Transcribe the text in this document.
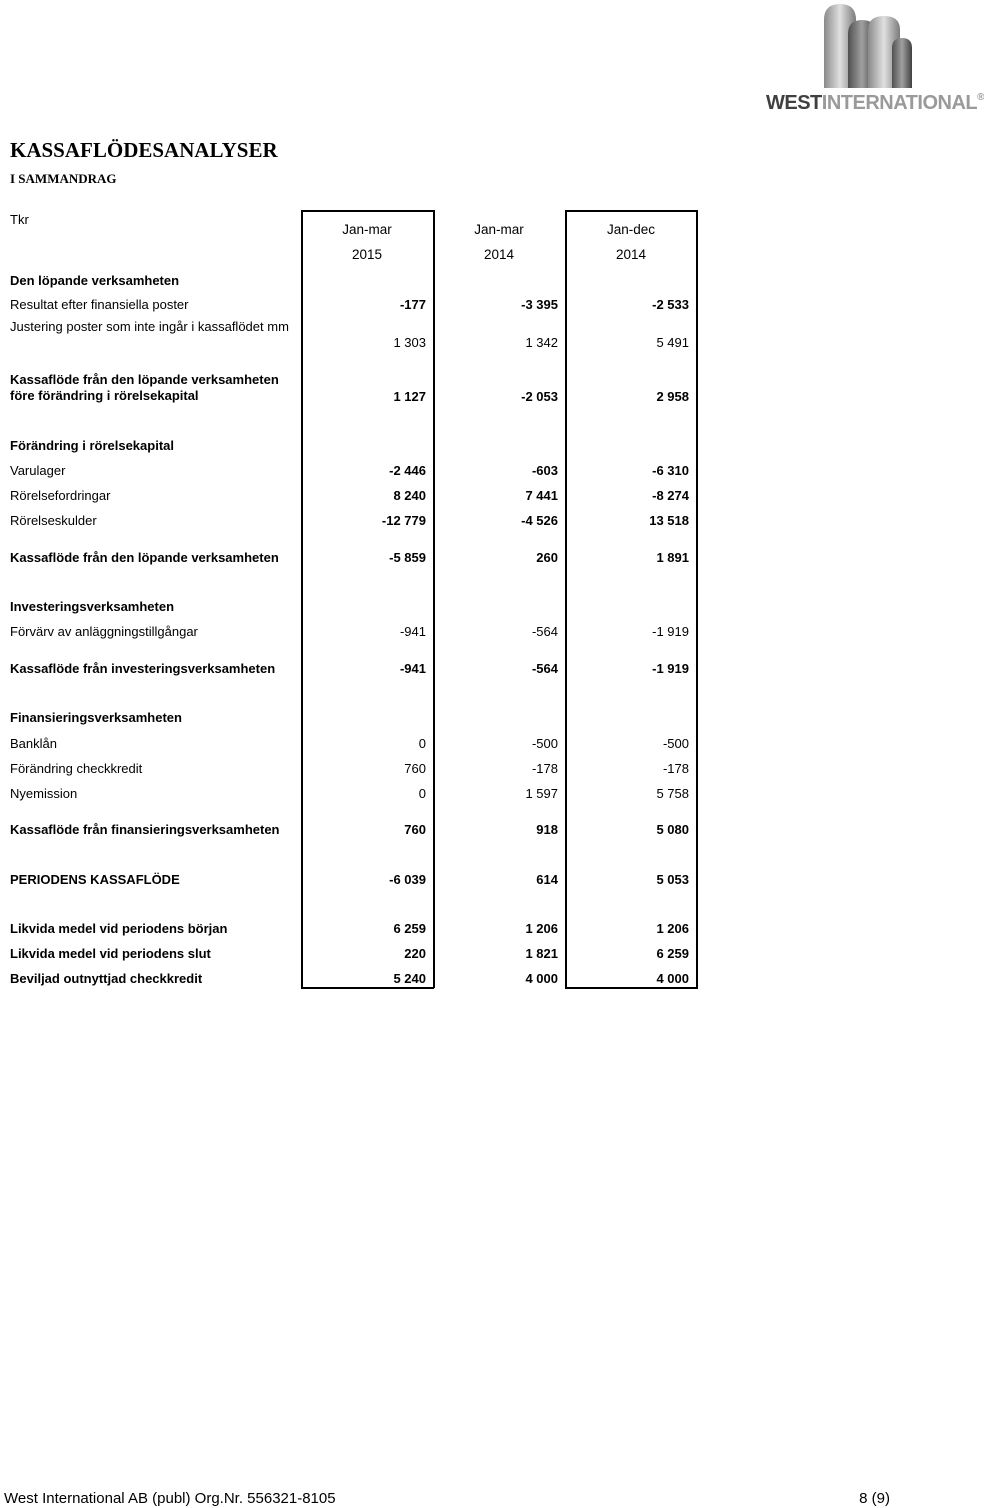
WESTINTERNATIONAL®
KASSAFLÖDESANALYSER
I SAMMANDRAG
Tkr
Jan-mar	Jan-mar	Jan-dec
2015	2014	2014
Den löpande verksamheten
Resultat efter finansiella poster	-177	-3 395	-2 533
Justering poster som inte ingår i kassaflödet mm
1 303	1 342	5 491
Kassaflöde från den löpande verksamheten före förändring i rörelsekapital	1 127	-2 053	2 958
Förändring i rörelsekapital
Varulager	-2 446	-603	-6 310
Rörelsefordringar	8 240	7 441	-8 274
Rörelseskulder	-12 779	-4 526	13 518
Kassaflöde från den löpande verksamheten	-5 859	260	1 891
Investeringsverksamheten
Förvärv av anläggningstillgångar	-941	-564	-1 919
Kassaflöde från investeringsverksamheten	-941	-564	-1 919
Finansieringsverksamheten
Banklån	0	-500	-500
Förändring checkkredit	760	-178	-178
Nyemission	0	1 597	5 758
Kassaflöde från finansieringsverksamheten	760	918	5 080
PERIODENS KASSAFLÖDE	-6 039	614	5 053
Likvida medel vid periodens början	6 259	1 206	1 206
Likvida medel vid periodens slut	220	1 821	6 259
Beviljad outnyttjad checkkredit	5 240	4 000	4 000
West International AB (publ) Org.Nr. 556321-8105	8 (9)
